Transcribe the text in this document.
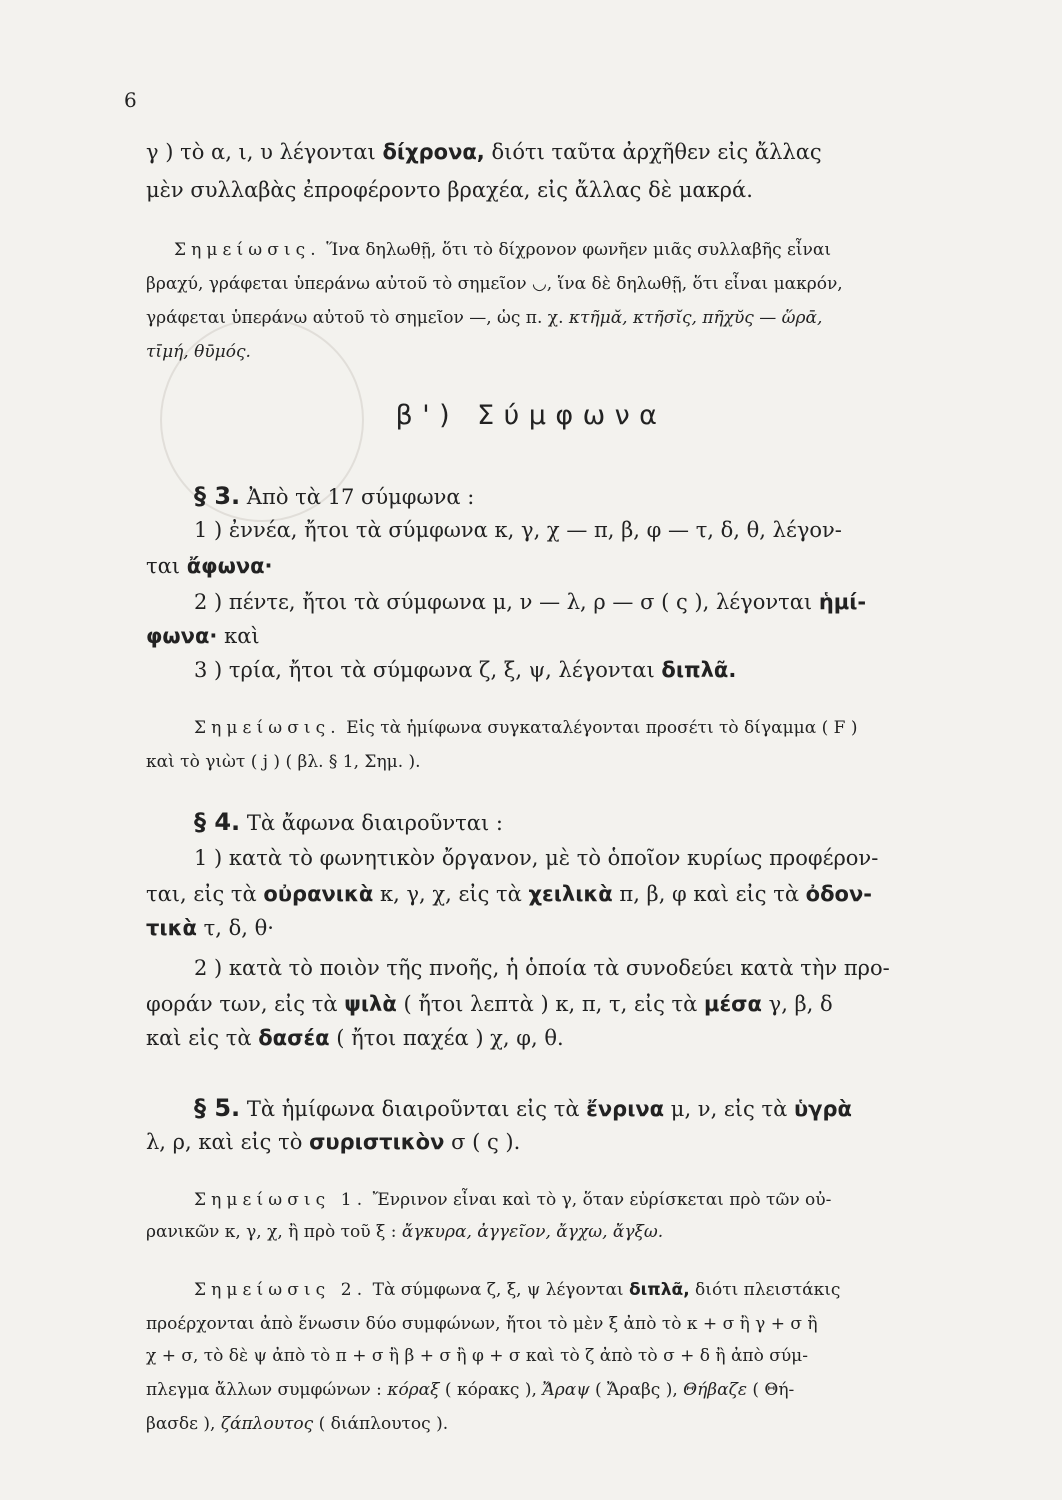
6
γ ) τὸ α, ι, υ λέγονται δίχρονα, διότι ταῦτα ἀρχῆθεν εἰς ἄλλας
μὲν συλλαβὰς ἐπροφέροντο βραχέα, εἰς ἄλλας δὲ μακρά.
Σημείωσις. Ἵνα δηλωθῇ, ὅτι τὸ δίχρονον φωνῆεν μιᾶς συλλαβῆς εἶναι
βραχύ, γράφεται ὑπεράνω αὐτοῦ τὸ σημεῖον ◡, ἵνα δὲ δηλωθῇ, ὅτι εἶναι μακρόν,
γράφεται ὑπεράνω αὐτοῦ τὸ σημεῖον —, ὡς π. χ. κτῆμᾰ, κτῆσῐς, πῆχῠς — ὥρᾱ,
τῑμή, θῡμός.
β') Σύμφωνα
§ 3. Ἀπὸ τὰ 17 σύμφωνα :
1 ) ἐννέα, ἤτοι τὰ σύμφωνα κ, γ, χ — π, β, φ — τ, δ, θ, λέγον-
ται ἄφωνα·
2 ) πέντε, ἤτοι τὰ σύμφωνα μ, ν — λ, ρ — σ ( ς ), λέγονται ἡμί-
φωνα· καὶ
3 ) τρία, ἤτοι τὰ σύμφωνα ζ, ξ, ψ, λέγονται διπλᾶ.
Σημείωσις. Εἰς τὰ ἡμίφωνα συγκαταλέγονται προσέτι τὸ δίγαμμα ( F )
καὶ τὸ γιὼτ ( j ) ( βλ. § 1, Σημ. ).
§ 4. Τὰ ἄφωνα διαιροῦνται :
1 ) κατὰ τὸ φωνητικὸν ὄργανον, μὲ τὸ ὁποῖον κυρίως προφέρον-
ται, εἰς τὰ οὐρανικὰ κ, γ, χ, εἰς τὰ χειλικὰ π, β, φ καὶ εἰς τὰ ὀδον-
τικὰ τ, δ, θ·
2 ) κατὰ τὸ ποιὸν τῆς πνοῆς, ἡ ὁποία τὰ συνοδεύει κατὰ τὴν προ-
φοράν των, εἰς τὰ ψιλὰ ( ἤτοι λεπτὰ ) κ, π, τ, εἰς τὰ μέσα γ, β, δ
καὶ εἰς τὰ δασέα ( ἤτοι παχέα ) χ, φ, θ.
§ 5. Τὰ ἡμίφωνα διαιροῦνται εἰς τὰ ἔνρινα μ, ν, εἰς τὰ ὑγρὰ
λ, ρ, καὶ εἰς τὸ συριστικὸν σ ( ς ).
Σημείωσις 1. Ἔνρινον εἶναι καὶ τὸ γ, ὅταν εὑρίσκεται πρὸ τῶν οὐ-
ρανικῶν κ, γ, χ, ἢ πρὸ τοῦ ξ : ἄγκυρα, ἀγγεῖον, ἄγχω, ἄγξω.
Σημείωσις 2. Τὰ σύμφωνα ζ, ξ, ψ λέγονται διπλᾶ, διότι πλειστάκις
προέρχονται ἀπὸ ἕνωσιν δύο συμφώνων, ἤτοι τὸ μὲν ξ ἀπὸ τὸ κ + σ ἢ γ + σ ἢ
χ + σ, τὸ δὲ ψ ἀπὸ τὸ π + σ ἢ β + σ ἢ φ + σ καὶ τὸ ζ ἀπὸ τὸ σ + δ ἢ ἀπὸ σύμ-
πλεγμα ἄλλων συμφώνων : κόραξ ( κόρακς ), Ἄραψ ( Ἄραβς ), Θήβαζε ( Θή-
βασδε ), ζάπλουτος ( διάπλουτος ).
